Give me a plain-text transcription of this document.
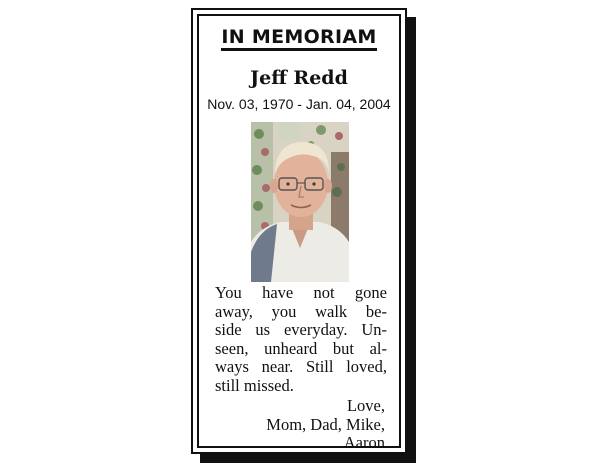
IN MEMORIAM
Jeff Redd
Nov. 03, 1970 - Jan. 04, 2004
You have not gone
away, you walk be-
side us everyday. Un-
seen, unheard but al-
ways near. Still loved,
still missed.
Love,
Mom, Dad, Mike,
Aaron
